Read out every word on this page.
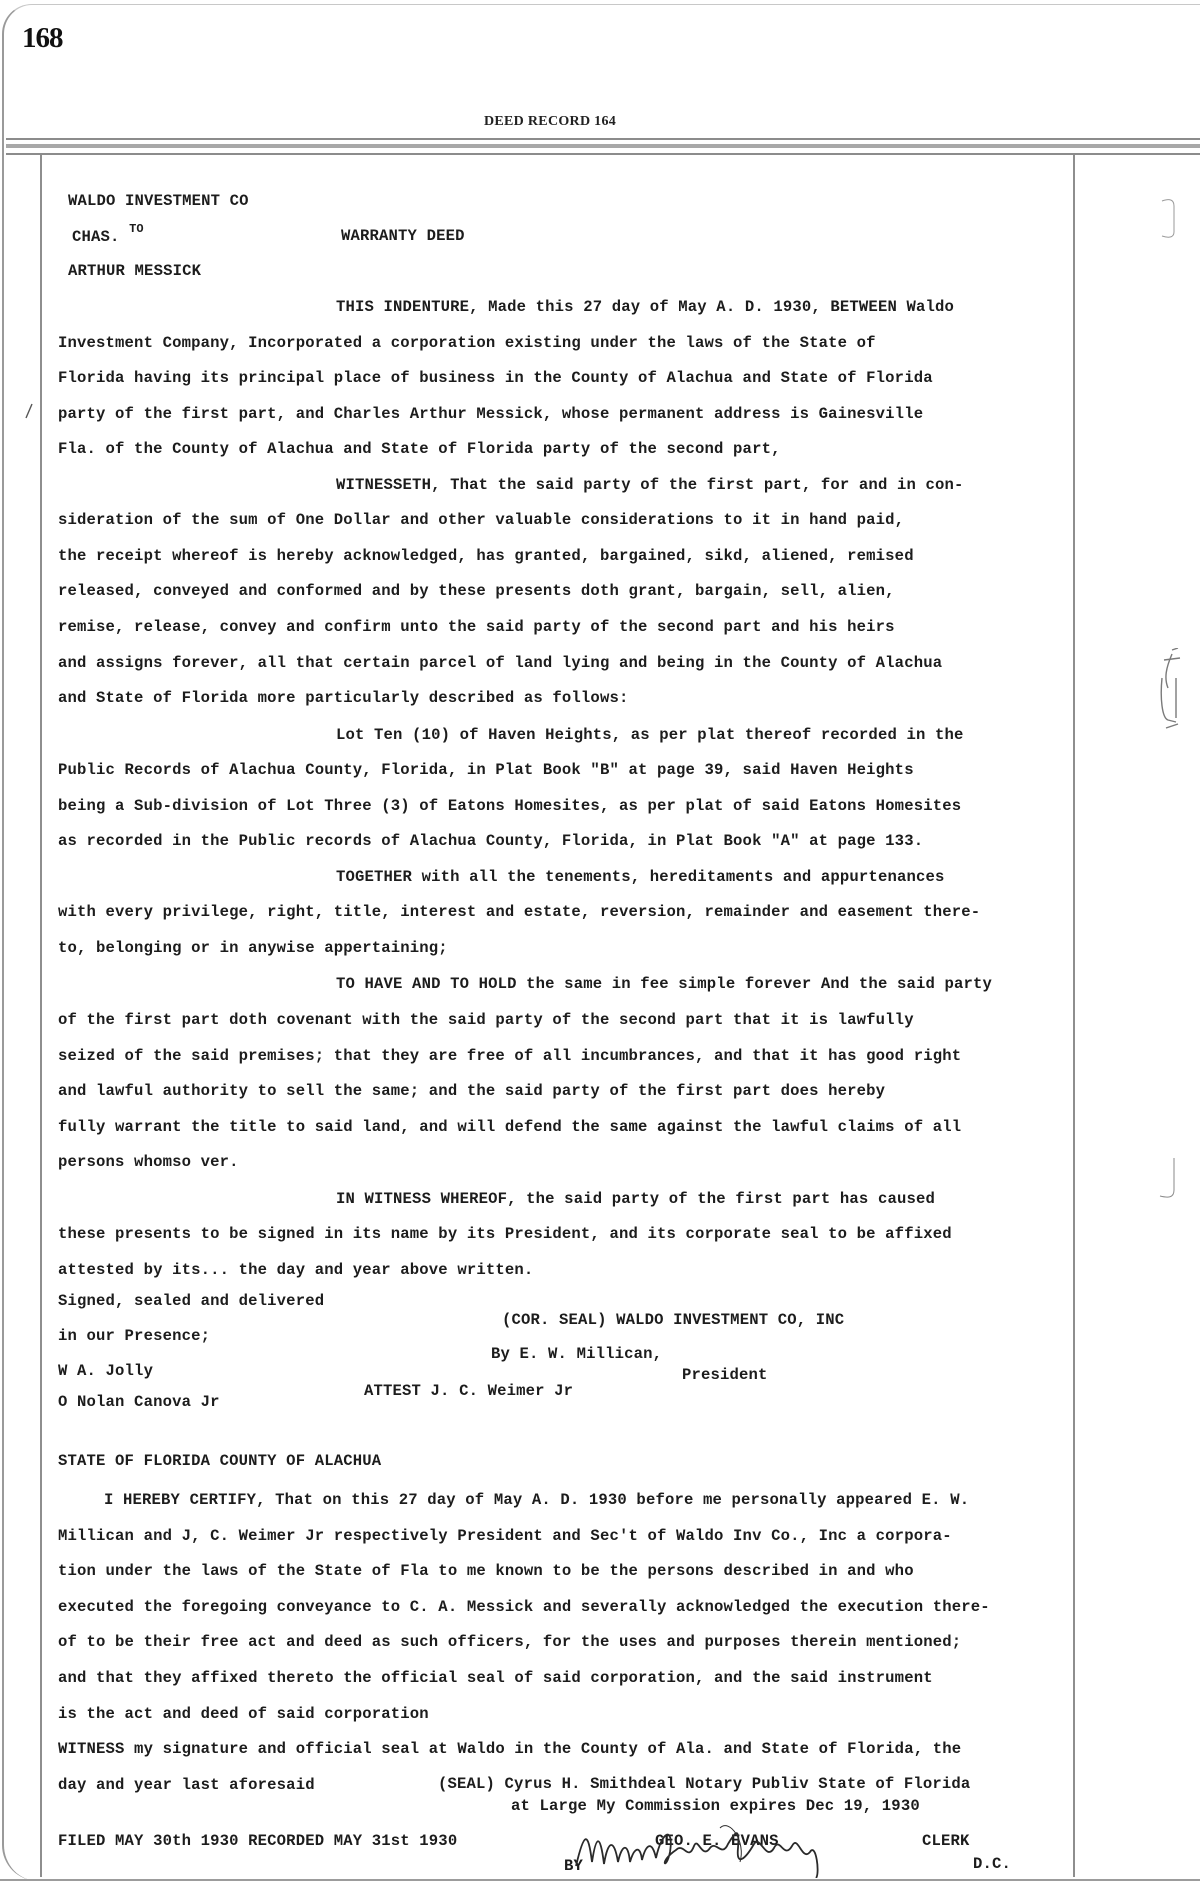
168
DEED RECORD 164
WALDO INVESTMENT CO
CHAS. $^{TO}$	WARRANTY DEED
ARTHUR MESSICK
THIS INDENTURE, Made this 27 day of May A. D. 1930, BETWEEN Waldo
Investment Company, Incorporated a corporation existing under the laws of the State of
Florida having its principal place of business in the County of Alachua and State of Florida
party of the first part, and Charles Arthur Messick, whose permanent address is Gainesville
Fla. of the County of Alachua and State of Florida party of the second part,
WITNESSETH, That the said party of the first part, for and in con-
sideration of the sum of One Dollar and other valuable considerations to it in hand paid,
the receipt whereof is hereby acknowledged, has granted, bargained, sikd, aliened, remised
released, conveyed and conformed and by these presents doth grant, bargain, sell, alien,
remise, release, convey and confirm unto the said party of the second part and his heirs
and assigns forever, all that certain parcel of land lying and being in the County of Alachua
and State of Florida more particularly described as follows:
Lot Ten (10) of Haven Heights, as per plat thereof recorded in the
Public Records of Alachua County, Florida, in Plat Book "B" at page 39, said Haven Heights
being a Sub-division of Lot Three (3) of Eatons Homesites, as per plat of said Eatons Homesites
as recorded in the Public records of Alachua County, Florida, in Plat Book "A" at page 133.
TOGETHER with all the tenements, hereditaments and appurtenances
with every privilege, right, title, interest and estate, reversion, remainder and easement there-
to, belonging or in anywise appertaining;
TO HAVE AND TO HOLD the same in fee simple forever And the said party
of the first part doth covenant with the said party of the second part that it is lawfully
seized of the said premises; that they are free of all incumbrances, and that it has good right
and lawful authority to sell the same; and the said party of the first part does hereby
fully warrant the title to said land, and will defend the same against the lawful claims of all
persons whomso ver.
IN WITNESS WHEREOF, the said party of the first part has caused
these presents to be signed in its name by its President, and its corporate seal to be affixed
attested by its... the day and year above written.
Signed, sealed and delivered
(COR. SEAL) WALDO INVESTMENT CO, INC
in our Presence;
By E. W. Millican,
W A. Jolly	President
ATTEST J. C. Weimer Jr
O Nolan Canova Jr
STATE OF FLORIDA COUNTY OF ALACHUA
I HEREBY CERTIFY, That on this 27 day of May A. D. 1930 before me personally appeared E. W.
Millican and J, C. Weimer Jr respectively President and Sec't of Waldo Inv Co., Inc a corpora-
tion under the laws of the State of Fla to me known to be the persons described in and who
executed the foregoing conveyance to C. A. Messick and severally acknowledged the execution there-
of to be their free act and deed as such officers, for the uses and purposes therein mentioned;
and that they affixed thereto the official seal of said corporation, and the said instrument
is the act and deed of said corporation
WITNESS my signature and official seal at Waldo in the County of Ala. and State of Florida, the
day and year last aforesaid	(SEAL) Cyrus H. Smithdeal Notary Publiv State of Florida
at Large My Commission expires Dec 19, 1930
FILED MAY 30th 1930 RECORDED MAY 31st 1930	GEO. E. EVANS	CLERK
BY	D.C.
